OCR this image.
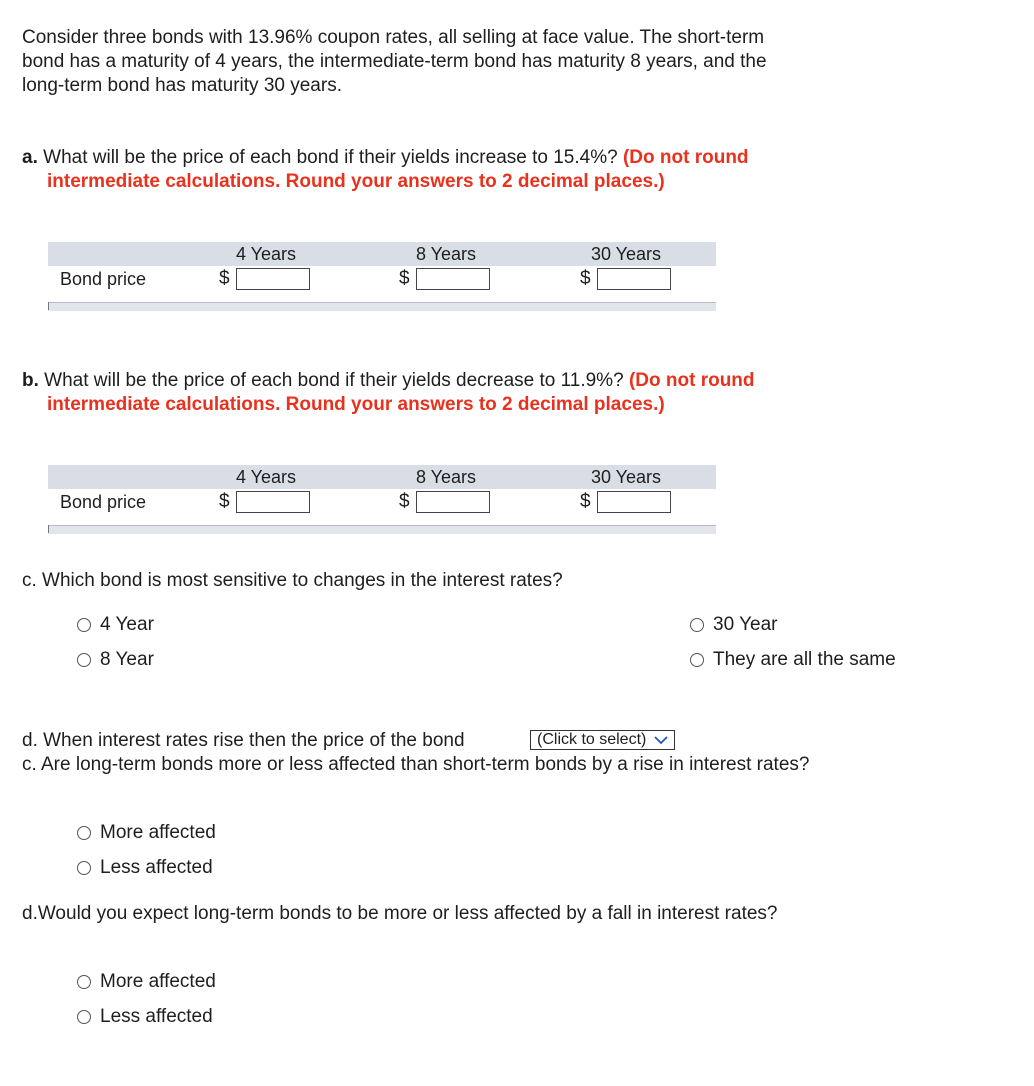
Consider three bonds with 13.96% coupon rates, all selling at face value. The short-term
bond has a maturity of 4 years, the intermediate-term bond has maturity 8 years, and the
long-term bond has maturity 30 years.
a. What will be the price of each bond if their yields increase to 15.4%? (Do not round
intermediate calculations. Round your answers to 2 decimal places.)
4 Years	8 Years	30 Years
Bond price	$	$	$
b. What will be the price of each bond if their yields decrease to 11.9%? (Do not round
intermediate calculations. Round your answers to 2 decimal places.)
4 Years	8 Years	30 Years
Bond price	$	$	$
c. Which bond is most sensitive to changes in the interest rates?
4 Year
8 Year
30 Year
They are all the same
d. When interest rates rise then the price of the bond	(Click to select)
c. Are long-term bonds more or less affected than short-term bonds by a rise in interest rates?
More affected
Less affected
d.Would you expect long-term bonds to be more or less affected by a fall in interest rates?
More affected
Less affected
